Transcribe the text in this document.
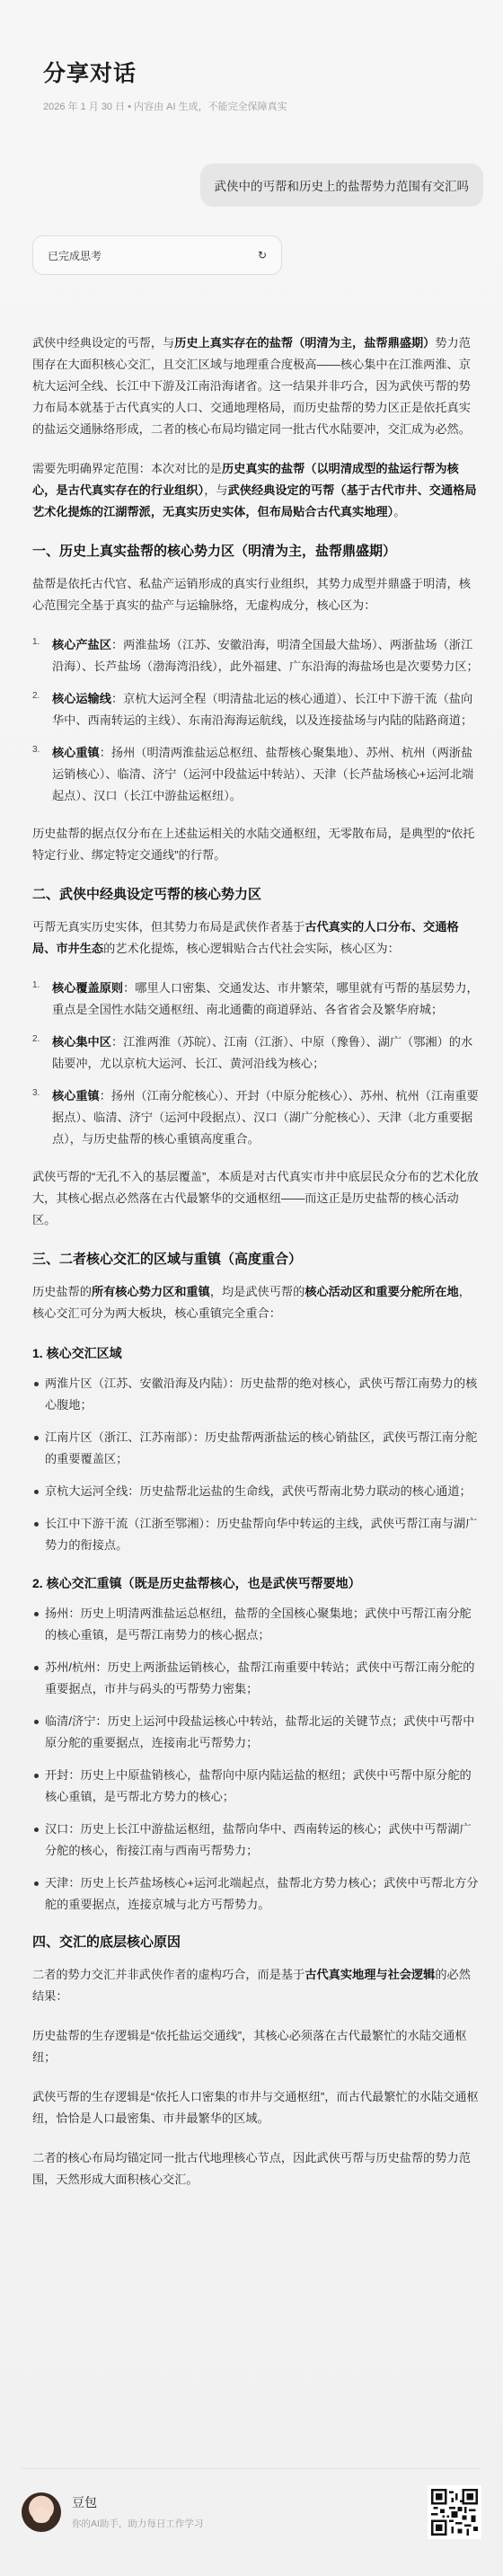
分享对话
2026 年 1 月 30 日 • 内容由 AI 生成，不能完全保障真实
武侠中的丐帮和历史上的盐帮势力范围有交汇吗
已完成思考	↻

武侠中经典设定的丐帮，与历史上真实存在的盐帮（明清为主，盐帮鼎盛期）势力范围存在大面积核心交汇，且交汇区域与地理重合度极高——核心集中在江淮两淮、京杭大运河全线、长江中下游及江南沿海诸省。这一结果并非巧合，因为武侠丐帮的势力布局本就基于古代真实的人口、交通地理格局，而历史盐帮的势力区正是依托真实的盐运交通脉络形成，二者的核心布局均锚定同一批古代水陆要冲，交汇成为必然。

需要先明确界定范围：本次对比的是历史真实的盐帮（以明清成型的盐运行帮为核心，是古代真实存在的行业组织），与武侠经典设定的丐帮（基于古代市井、交通格局艺术化提炼的江湖帮派，无真实历史实体，但布局贴合古代真实地理）。

一、历史上真实盐帮的核心势力区（明清为主，盐帮鼎盛期）

盐帮是依托古代官、私盐产运销形成的真实行业组织，其势力成型并鼎盛于明清，核心范围完全基于真实的盐产与运输脉络，无虚构成分，核心区为：

1. 核心产盐区：两淮盐场（江苏、安徽沿海，明清全国最大盐场）、两浙盐场（浙江沿海）、长芦盐场（渤海湾沿线），此外福建、广东沿海的海盐场也是次要势力区；
2. 核心运输线：京杭大运河全程（明清盐北运的核心通道）、长江中下游干流（盐向华中、西南转运的主线）、东南沿海海运航线，以及连接盐场与内陆的陆路商道；
3. 核心重镇：扬州（明清两淮盐运总枢纽、盐帮核心聚集地）、苏州、杭州（两浙盐运销核心）、临清、济宁（运河中段盐运中转站）、天津（长芦盐场核心+运河北端起点）、汉口（长江中游盐运枢纽）。

历史盐帮的据点仅分布在上述盐运相关的水陆交通枢纽，无零散布局，是典型的“依托特定行业、绑定特定交通线”的行帮。

二、武侠中经典设定丐帮的核心势力区

丐帮无真实历史实体，但其势力布局是武侠作者基于古代真实的人口分布、交通格局、市井生态的艺术化提炼，核心逻辑贴合古代社会实际，核心区为：

1. 核心覆盖原则：哪里人口密集、交通发达、市井繁荣，哪里就有丐帮的基层势力，重点是全国性水陆交通枢纽、南北通衢的商道驿站、各省省会及繁华府城；
2. 核心集中区：江淮两淮（苏皖）、江南（江浙）、中原（豫鲁）、湖广（鄂湘）的水陆要冲，尤以京杭大运河、长江、黄河沿线为核心；
3. 核心重镇：扬州（江南分舵核心）、开封（中原分舵核心）、苏州、杭州（江南重要据点）、临清、济宁（运河中段据点）、汉口（湖广分舵核心）、天津（北方重要据点），与历史盐帮的核心重镇高度重合。

武侠丐帮的“无孔不入的基层覆盖”，本质是对古代真实市井中底层民众分布的艺术化放大，其核心据点必然落在古代最繁华的交通枢纽——而这正是历史盐帮的核心活动区。

三、二者核心交汇的区域与重镇（高度重合）

历史盐帮的所有核心势力区和重镇，均是武侠丐帮的核心活动区和重要分舵所在地，核心交汇可分为两大板块，核心重镇完全重合：

1. 核心交汇区域
两淮片区（江苏、安徽沿海及内陆）：历史盐帮的绝对核心，武侠丐帮江南势力的核心腹地；
江南片区（浙江、江苏南部）：历史盐帮两浙盐运的核心销盐区，武侠丐帮江南分舵的重要覆盖区；
京杭大运河全线：历史盐帮北运盐的生命线，武侠丐帮南北势力联动的核心通道；
长江中下游干流（江浙至鄂湘）：历史盐帮向华中转运的主线，武侠丐帮江南与湖广势力的衔接点。
2. 核心交汇重镇（既是历史盐帮核心，也是武侠丐帮要地）
扬州：历史上明清两淮盐运总枢纽，盐帮的全国核心聚集地；武侠中丐帮江南分舵的核心重镇，是丐帮江南势力的核心据点；
苏州/杭州：历史上两浙盐运销核心，盐帮江南重要中转站；武侠中丐帮江南分舵的重要据点，市井与码头的丐帮势力密集；
临清/济宁：历史上运河中段盐运核心中转站，盐帮北运的关键节点；武侠中丐帮中原分舵的重要据点，连接南北丐帮势力；
开封：历史上中原盐销核心，盐帮向中原内陆运盐的枢纽；武侠中丐帮中原分舵的核心重镇，是丐帮北方势力的核心；
汉口：历史上长江中游盐运枢纽，盐帮向华中、西南转运的核心；武侠中丐帮湖广分舵的核心，衔接江南与西南丐帮势力；
天津：历史上长芦盐场核心+运河北端起点，盐帮北方势力核心；武侠中丐帮北方分舵的重要据点，连接京城与北方丐帮势力。
四、交汇的底层核心原因

二者的势力交汇并非武侠作者的虚构巧合，而是基于古代真实地理与社会逻辑的必然结果：

历史盐帮的生存逻辑是“依托盐运交通线”，其核心必须落在古代最繁忙的水陆交通枢纽；

武侠丐帮的生存逻辑是“依托人口密集的市井与交通枢纽”，而古代最繁忙的水陆交通枢纽，恰恰是人口最密集、市井最繁华的区域。

二者的核心布局均锚定同一批古代地理核心节点，因此武侠丐帮与历史盐帮的势力范围，天然形成大面积核心交汇。

豆包
你的AI助手，助力每日工作学习
